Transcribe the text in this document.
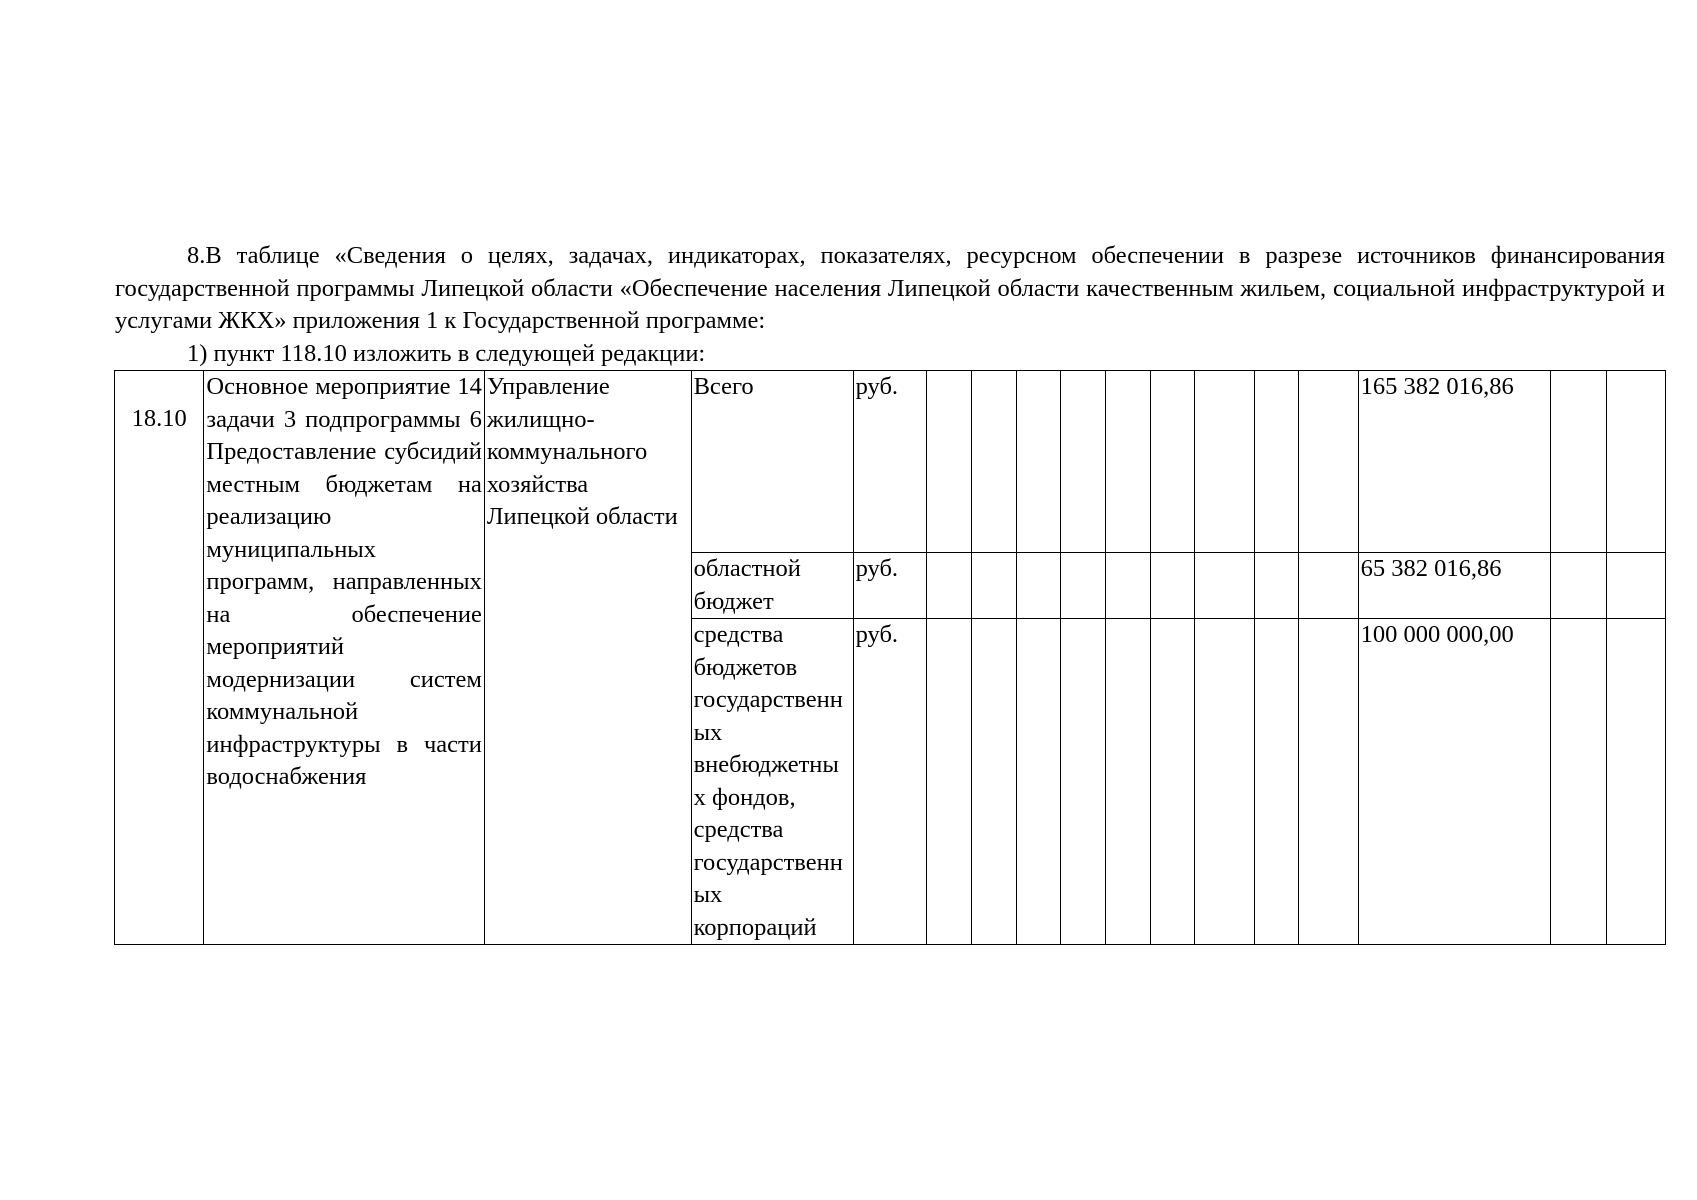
8.В таблице «Сведения о целях, задачах, индикаторах, показателях, ресурсном обеспечении в разрезе источников финансирования государственной программы Липецкой области «Обеспечение населения Липецкой области качественным жильем, социальной инфраструктурой и услугами ЖКХ» приложения 1 к Государственной программе:

1) пункт 118.10 изложить в следующей редакции:

18.10	Основное мероприятие 14 задачи 3 подпрограммы 6 Предоставление субсидий местным бюджетам на реализацию муниципальных программ, направленных на обеспечение мероприятий модернизации систем коммунальной инфраструктуры в части водоснабжения	Управление жилищно-коммунального хозяйства Липецкой области	Всего	руб.										165 382 016,86		
			областной бюджет	руб.										65 382 016,86		
			средства бюджетов государственных внебюджетных фондов, средства государственных корпораций	руб.										100 000 000,00		
